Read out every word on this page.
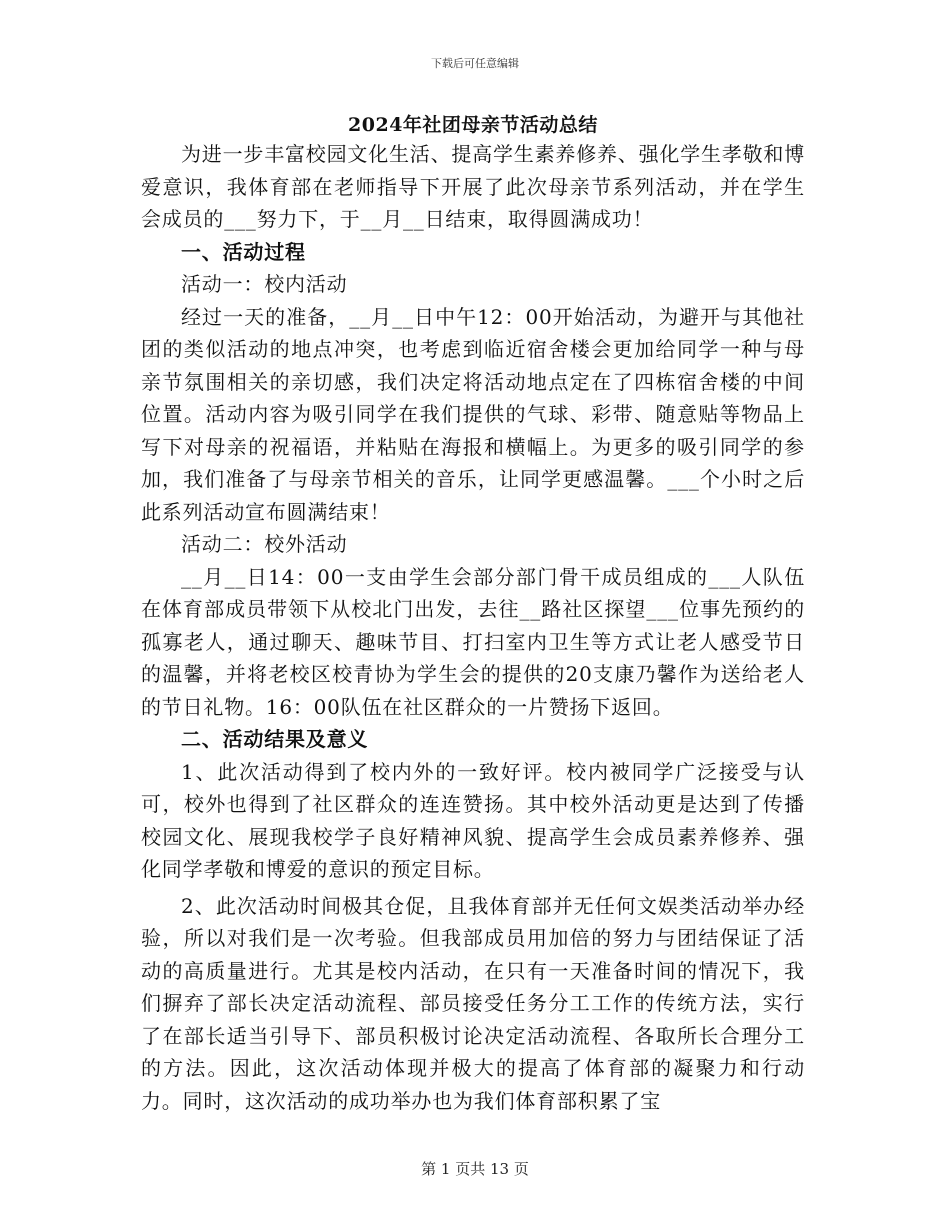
下载后可任意编辑
2024年社团母亲节活动总结

为进一步丰富校园文化生活、提高学生素养修养、强化学生孝敬和博爱意识，我体育部在老师指导下开展了此次母亲节系列活动，并在学生会成员的___努力下，于__月__日结束，取得圆满成功！

一、活动过程

活动一：校内活动

经过一天的准备，__月__日中午12：00开始活动，为避开与其他社团的类似活动的地点冲突，也考虑到临近宿舍楼会更加给同学一种与母亲节氛围相关的亲切感，我们决定将活动地点定在了四栋宿舍楼的中间位置。活动内容为吸引同学在我们提供的气球、彩带、随意贴等物品上写下对母亲的祝福语，并粘贴在海报和横幅上。为更多的吸引同学的参加，我们准备了与母亲节相关的音乐，让同学更感温馨。___个小时之后此系列活动宣布圆满结束！

活动二：校外活动

__月__日14：00一支由学生会部分部门骨干成员组成的___人队伍在体育部成员带领下从校北门出发，去往__路社区探望___位事先预约的孤寡老人，通过聊天、趣味节目、打扫室内卫生等方式让老人感受节日的温馨，并将老校区校青协为学生会的提供的20支康乃馨作为送给老人的节日礼物。16：00队伍在社区群众的一片赞扬下返回。

二、活动结果及意义

1、此次活动得到了校内外的一致好评。校内被同学广泛接受与认可，校外也得到了社区群众的连连赞扬。其中校外活动更是达到了传播校园文化、展现我校学子良好精神风貌、提高学生会成员素养修养、强化同学孝敬和博爱的意识的预定目标。

2、此次活动时间极其仓促，且我体育部并无任何文娱类活动举办经验，所以对我们是一次考验。但我部成员用加倍的努力与团结保证了活动的高质量进行。尤其是校内活动，在只有一天准备时间的情况下，我们摒弃了部长决定活动流程、部员接受任务分工工作的传统方法，实行了在部长适当引导下、部员积极讨论决定活动流程、各取所长合理分工的方法。因此，这次活动体现并极大的提高了体育部的凝聚力和行动力。同时，这次活动的成功举办也为我们体育部积累了宝

第 1 页共 13 页
